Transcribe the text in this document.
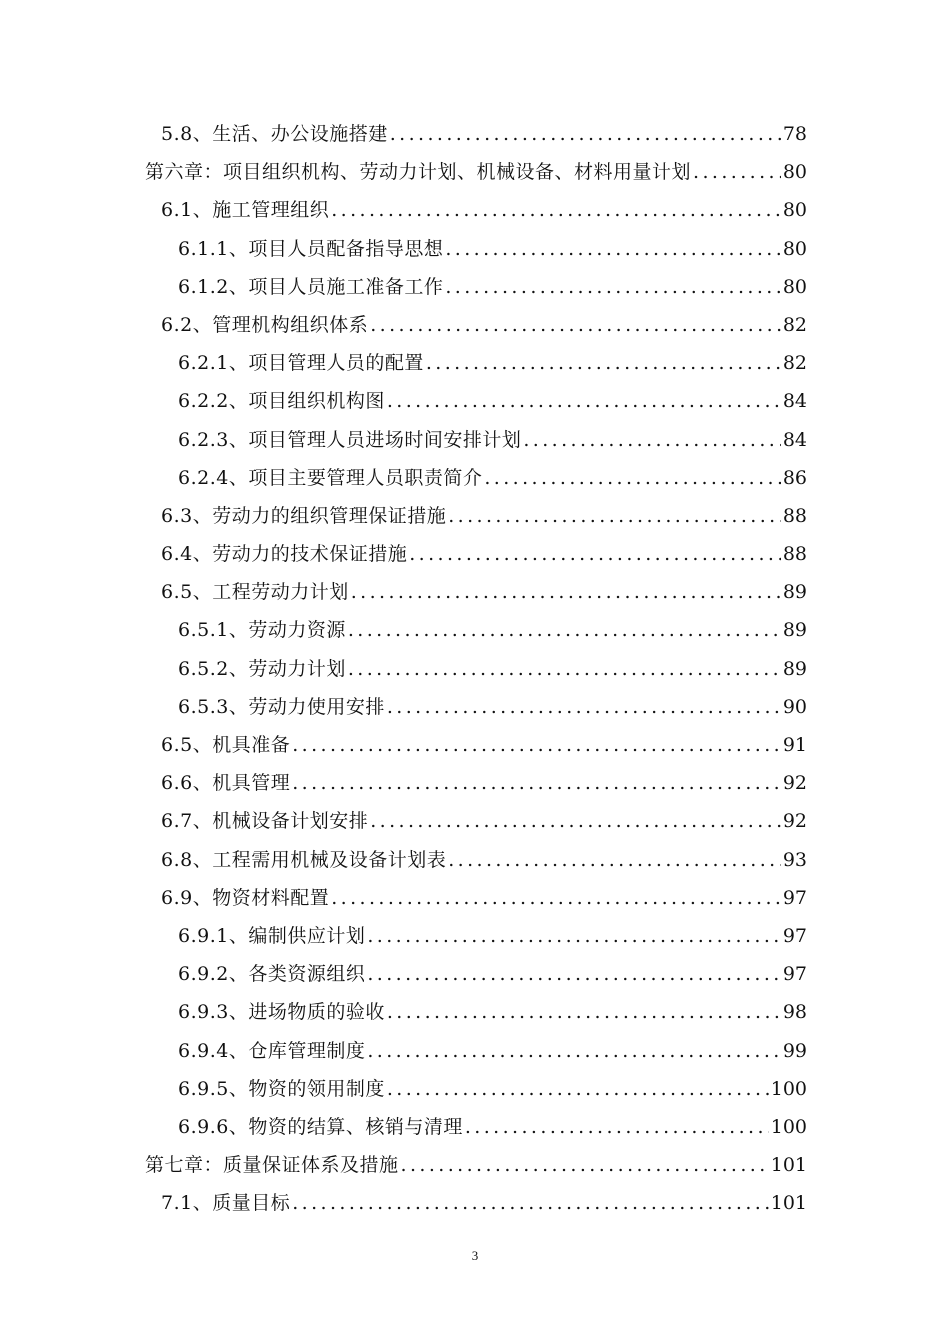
5.8、生活、办公设施搭建 .....	78
第六章：项目组织机构、劳动力计划、机械设备、材料用量计划 .....	80
6.1、施工管理组织 .....	80
6.1.1、项目人员配备指导思想 .....	80
6.1.2、项目人员施工准备工作 .....	80
6.2、管理机构组织体系 .....	82
6.2.1、项目管理人员的配置 .....	82
6.2.2、项目组织机构图 .....	84
6.2.3、项目管理人员进场时间安排计划 .....	84
6.2.4、项目主要管理人员职责简介 .....	86
6.3、劳动力的组织管理保证措施 .....	88
6.4、劳动力的技术保证措施 .....	88
6.5、工程劳动力计划 .....	89
6.5.1、劳动力资源 .....	89
6.5.2、劳动力计划 .....	89
6.5.3、劳动力使用安排 .....	90
6.5、机具准备 .....	91
6.6、机具管理 .....	92
6.7、机械设备计划安排 .....	92
6.8、工程需用机械及设备计划表 .....	93
6.9、物资材料配置 .....	97
6.9.1、编制供应计划 .....	97
6.9.2、各类资源组织 .....	97
6.9.3、进场物质的验收 .....	98
6.9.4、仓库管理制度 .....	99
6.9.5、物资的领用制度 .....	100
6.9.6、物资的结算、核销与清理 .....	100
第七章：质量保证体系及措施 .....	101
7.1、质量目标 .....	101
3
